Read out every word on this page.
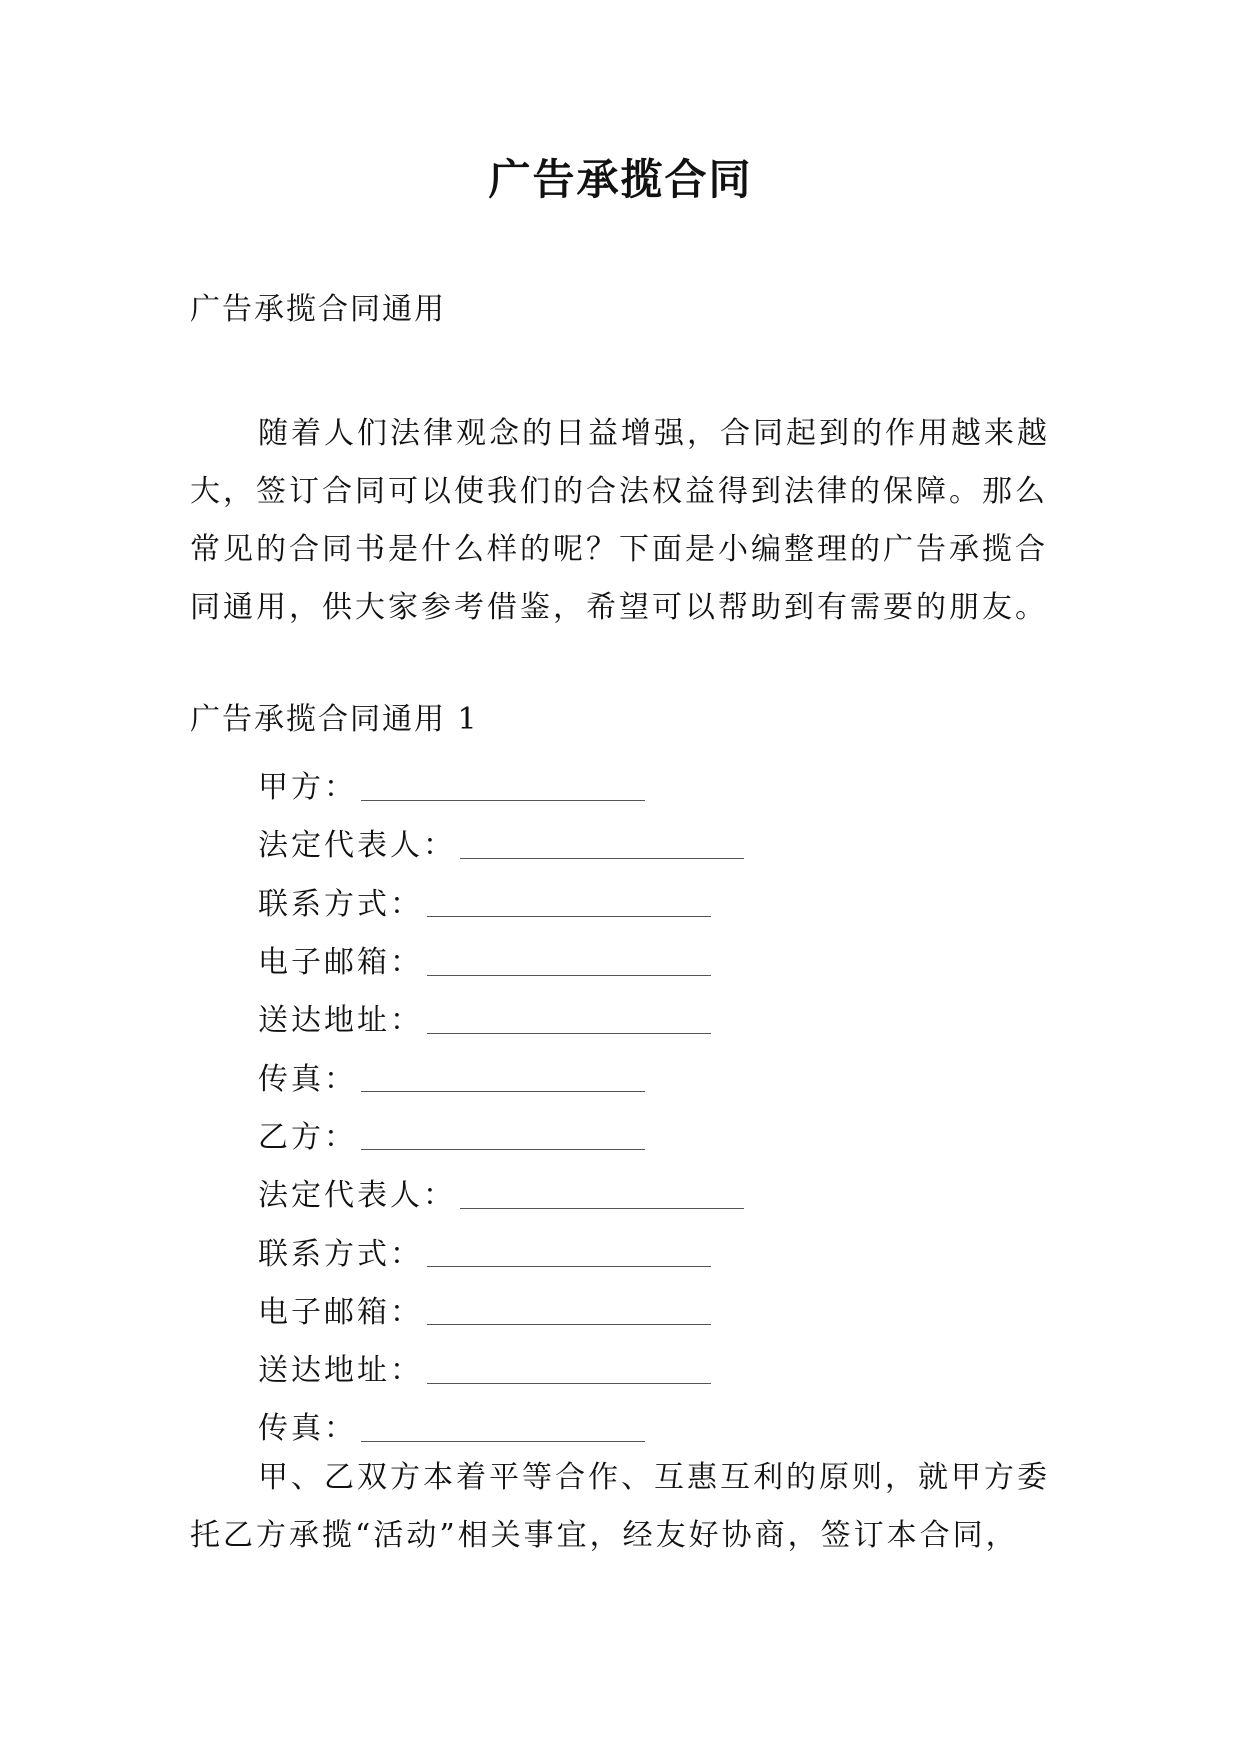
广告承揽合同
广告承揽合同通用

随着人们法律观念的日益增强，合同起到的作用越来越大，签订合同可以使我们的合法权益得到法律的保障。那么常见的合同书是什么样的呢？下面是小编整理的广告承揽合同通用，供大家参考借鉴，希望可以帮助到有需要的朋友。

广告承揽合同通用 1
甲方：
法定代表人：
联系方式：
电子邮箱：
送达地址：
传真：
乙方：
法定代表人：
联系方式：
电子邮箱：
送达地址：
传真：

甲、乙双方本着平等合作、互惠互利的原则，就甲方委托乙方承揽“活动”相关事宜，经友好协商，签订本合同，
